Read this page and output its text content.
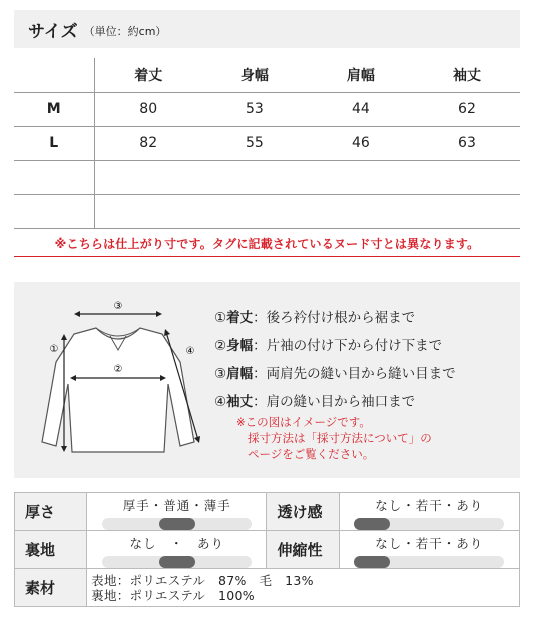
サイズ （単位：約cm）
	着丈	身幅	肩幅	袖丈
M	80	53	44	62
L	82	55	46	63

※こちらは仕上がり寸です。タグに記載されているヌード寸とは異なります。
③
②
①	④
①着丈：後ろ衿付け根から裾まで
②身幅：片袖の付け下から付け下まで
③肩幅：両肩先の縫い目から縫い目まで
④袖丈：肩の縫い目から袖口まで
※この図はイメージです。
採寸方法は「採寸方法について」の
ページをご覧ください。
厚さ	厚手・普通・薄手	透け感	なし・若干・あり

裏地	なし　・　あり	伸縮性	なし・若干・あり

素材	表地：ポリエステル　87%　毛　13%
裏地：ポリエステル　100%		
